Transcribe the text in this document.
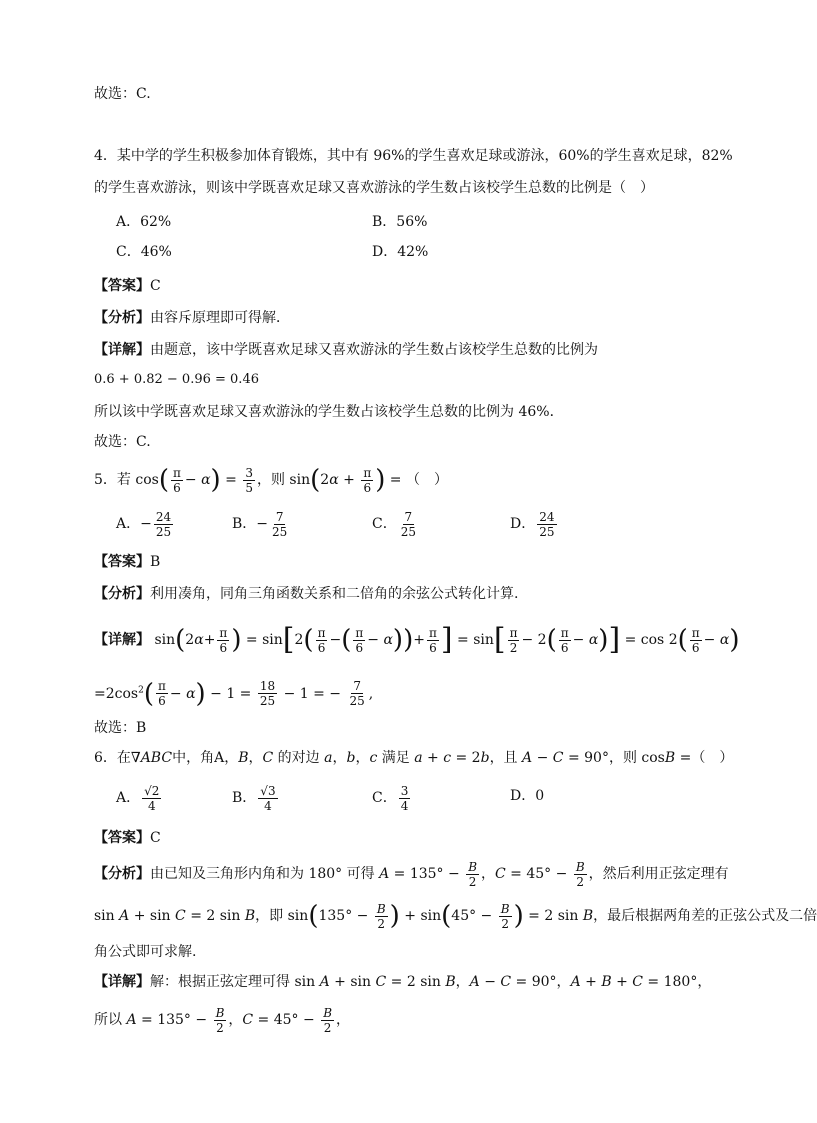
故选：C.
4．某中学的学生积极参加体育锻炼，其中有 96%的学生喜欢足球或游泳，60%的学生喜欢足球，82%
的学生喜欢游泳，则该中学既喜欢足球又喜欢游泳的学生数占该校学生总数的比例是（　）
A．62%	B．56%
C．46%	D．42%
【答案】C
【分析】由容斥原理即可得解．
【详解】由题意，该中学既喜欢足球又喜欢游泳的学生数占该校学生总数的比例为
0.6 + 0.82 − 0.96 = 0.46
所以该中学既喜欢足球又喜欢游泳的学生数占该校学生总数的比例为 46%．
故选：C.
5．若 $\cos( \frac{\pi}{6} - \alpha) = \frac{3}{5}$ ，则 $\sin(2\alpha + \frac{\pi}{6}$ ) = （　）
A．− $\frac{24}{25}$	B．− $\frac{7}{25}$	C． $\frac{7}{25}$	D． $\frac{24}{25}$
【答案】B
【分析】利用凑角，同角三角函数关系和二倍角的余弦公式转化计算.
【详解】 $\sin(2\alpha+ \frac{\pi}{6}$ ) = $\sin[2( \frac{\pi}{6}$ −( $\frac{\pi}{6} - \alpha))+ \frac{\pi}{6}$ ] = $\sin[ \frac{\pi}{2} - 2( \frac{\pi}{6} - \alpha)] = \cos 2( \frac{\pi}{6} - \alpha)$
$=2\cos^2( \frac{\pi}{6} - \alpha) - 1 = \frac{18}{25} - 1$ = − $\frac{7}{25}$ ,
故选：B
6．在∇ABC中，角A，B，C 的对边 a，b，c 满足 a + c = 2b，且 A − C = 90°，则 cosB =（　）
A． $\frac{√2}{4}$	B． $\frac{√3}{4}$	C． $\frac{3}{4}$	D．0
【答案】C
【分析】由已知及三角形内角和为 180° 可得 $A = 135^\circ - \frac{B}{2}$ ，$C = 45^\circ - \frac{B}{2}$ ，然后利用正弦定理有
sin A + sin C = 2 sin B，即 $\sin(135^\circ - \frac{B}{2}$ ) + $\sin(45^\circ - \frac{B}{2}$ ) = 2 sin B，最后根据两角差的正弦公式及二倍
角公式即可求解.
【详解】解：根据正弦定理可得 sin A + sin C = 2 sin B，A − C = 90°，A + B + C = 180°，
所以 $A = 135^\circ - \frac{B}{2}$ ，$C = 45^\circ - \frac{B}{2}$ ，
